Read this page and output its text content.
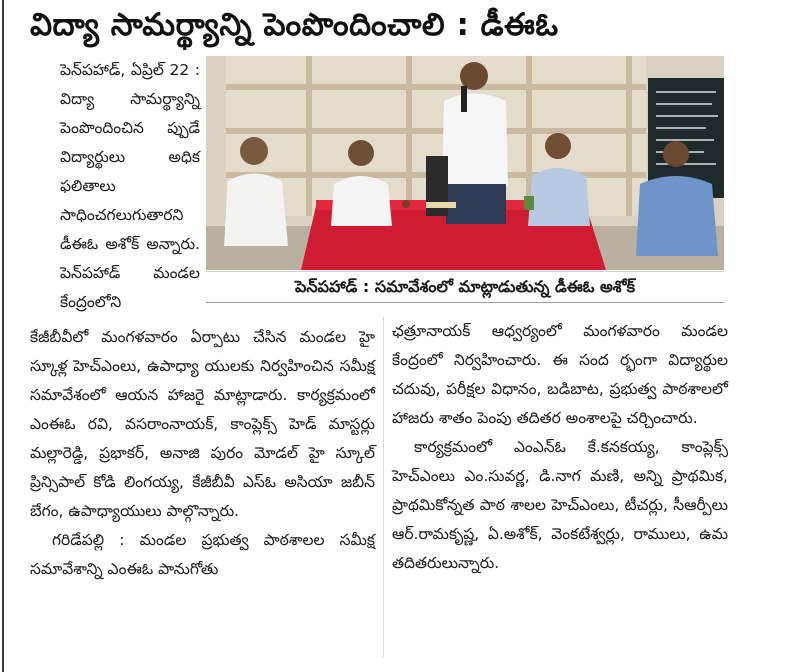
విద్యా సామర్థ్యాన్ని పెంపొందించాలి : డీఈఓ

పెన్‌పహాడ్, ఏప్రిల్ 22 : విద్యా సామర్థ్యాన్ని పెంపొందించిన ప్పుడే విద్యార్థులు అధిక ఫలితాలు సాధించగలుగుతారని డీఈఓ అశోక్ అన్నారు. పెన్‌పహాడ్ మండల కేంద్రంలోని

పెన్‌పహాడ్ : సమావేశంలో మాట్లాడుతున్న డీఈఓ అశోక్

కేజీబీవీలో మంగళవారం ఏర్పాటు చేసిన మండల హై స్కూళ్ల హెచ్‌ఎంలు, ఉపాధ్యా యులకు నిర్వహించిన సమీక్ష సమావేశంలో ఆయన హాజరై మాట్లాడారు. కార్యక్రమంలో ఎంఈఓ రవి, వసరాంనాయక్, కాంప్లెక్స్ హెడ్ మాస్టర్లు మల్లారెడ్డి, ప్రభాకర్, అనాజి పురం మోడల్ హై స్కూల్ ప్రిన్సిపాల్ కోడి లింగయ్య, కేజీబీవీ ఎస్ఓ అసియా జబీన్ బేగం, ఉపాధ్యాయులు పాల్గొన్నారు.

గరిడేపల్లి : మండల ప్రభుత్వ పాఠశాలల సమీక్ష సమావేశాన్ని ఎంఈఓ పానుగోతు

ఛత్రూనాయక్ ఆధ్వర్యంలో మంగళవారం మండల కేంద్రంలో నిర్వహించారు. ఈ సంద ర్భంగా విద్యార్థుల చదువు, పరీక్షల విధానం, బడిబాట, ప్రభుత్వ పాఠశాలలో హాజరు శాతం పెంపు తదితర అంశాలపై చర్చించారు.

కార్యక్రమంలో ఎంఎన్ఓ కే.కనకయ్య, కాంప్లెక్స్ హెచ్‌ఎంలు ఎం.సువర్ణ, డి.నాగ మణి, అన్ని ప్రాథమిక, ప్రాథమికోన్నత పాఠ శాలల హెచ్‌ఎంలు, టీచర్లు, సీఆర్పీలు ఆర్.రామకృష్ణ, ఏ.అశోక్, వెంకటేశ్వర్లు, రాములు, ఉమ తదితరులున్నారు.
